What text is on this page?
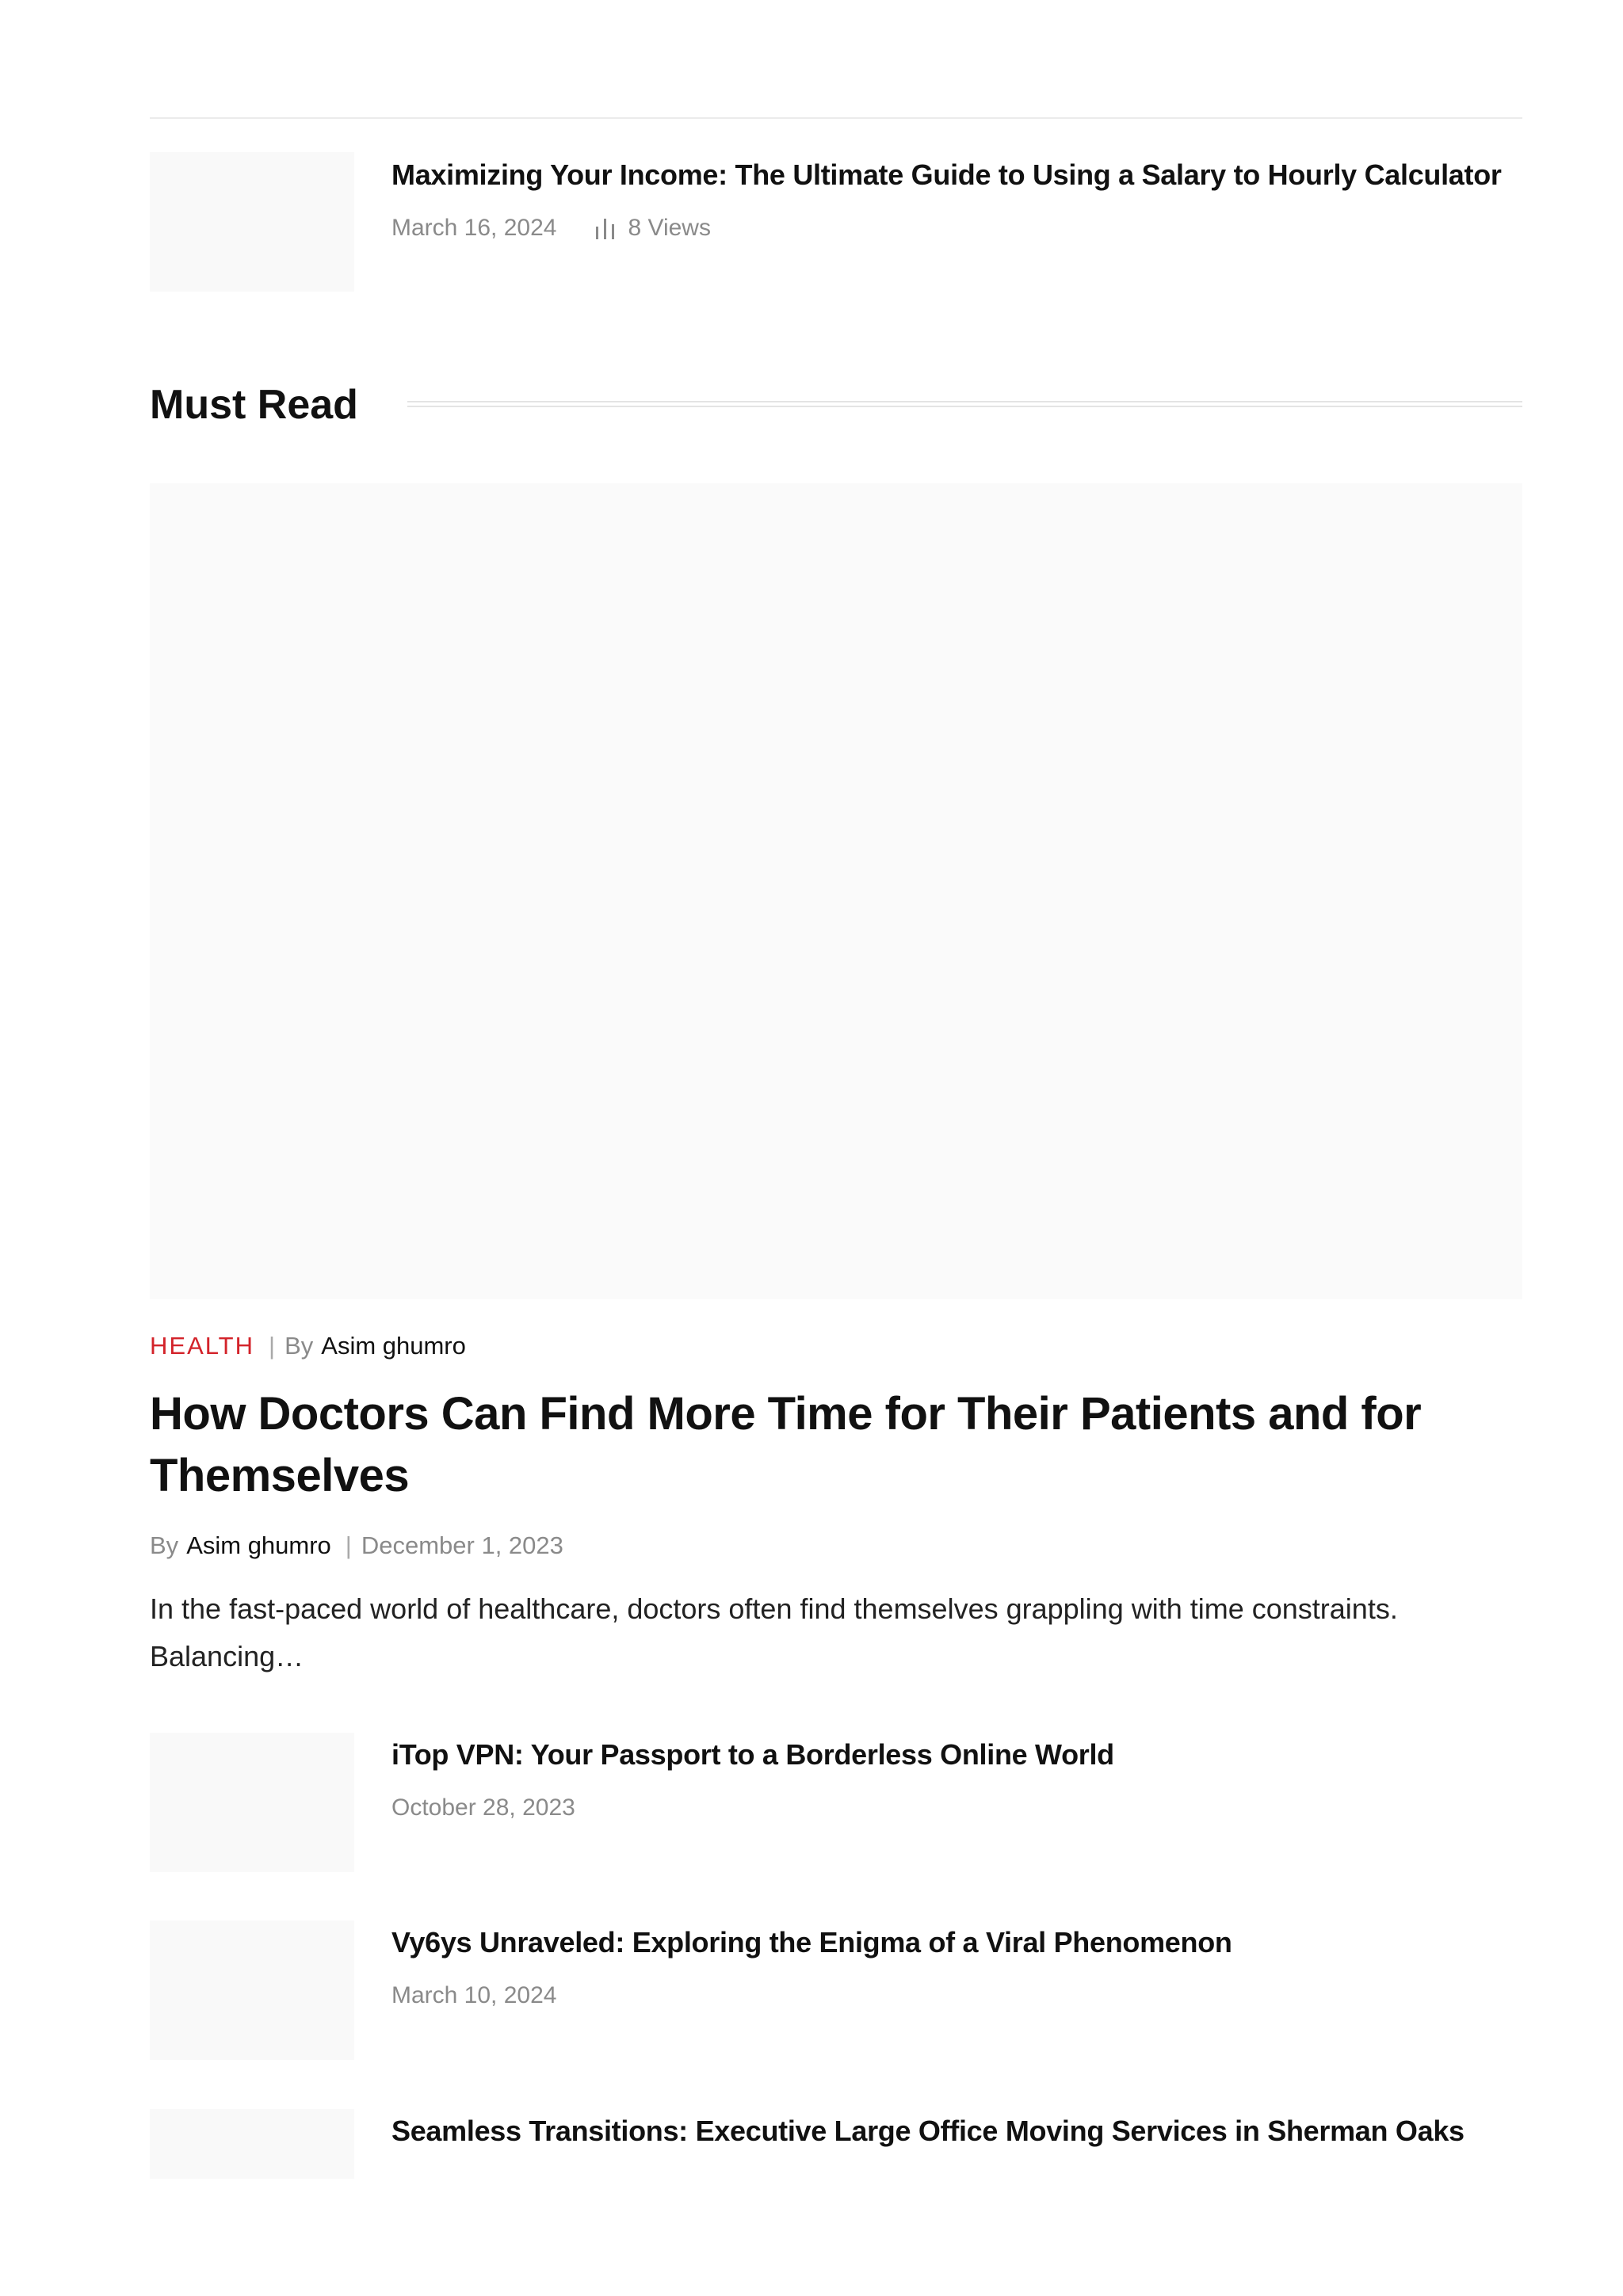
Maximizing Your Income: The Ultimate Guide to Using a Salary to Hourly Calculator
March 16, 2024	8 Views
Must Read
HEALTH | By Asim ghumro
How Doctors Can Find More Time for Their Patients and for Themselves
By Asim ghumro | December 1, 2023

In the fast-paced world of healthcare, doctors often find themselves grappling with time constraints. Balancing…

iTop VPN: Your Passport to a Borderless Online World
October 28, 2023
Vy6ys Unraveled: Exploring the Enigma of a Viral Phenomenon
March 10, 2024
Seamless Transitions: Executive Large Office Moving Services in Sherman Oaks
